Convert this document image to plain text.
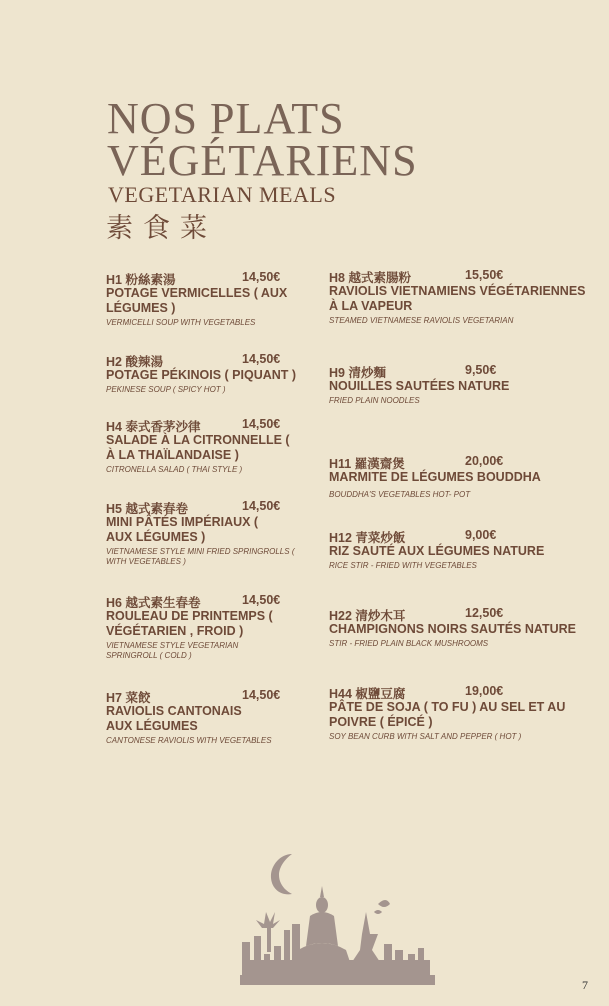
NOS PLATS
VÉGÉTARIENS
VEGETARIAN MEALS
素食菜
H1 粉絲素湯	14,50€
POTAGE VERMICELLES ( AUX LÉGUMES )
VERMICELLI SOUP WITH VEGETABLES
H2 酸辣湯	14,50€
POTAGE PÉKINOIS ( PIQUANT )
PEKINESE SOUP ( SPICY HOT )
H4 泰式香茅沙律	14,50€
SALADE À LA CITRONNELLE ( À LA THAÏLANDAISE )
CITRONELLA SALAD ( THAI STYLE )
H5 越式素春卷	14,50€
MINI PÂTÉS IMPÉRIAUX ( AUX LÉGUMES )
VIETNAMESE STYLE MINI FRIED SPRINGROLLS ( WITH VEGETABLES )
H6 越式素生春卷	14,50€
ROULEAU DE PRINTEMPS ( VÉGÉTARIEN , FROID )
VIETNAMESE STYLE VEGETARIAN SPRINGROLL ( COLD )
H7 菜餃	14,50€
RAVIOLIS CANTONAIS AUX LÉGUMES
CANTONESE RAVIOLIS WITH VEGETABLES
H8 越式素腸粉	15,50€
RAVIOLIS VIETNAMIENS VÉGÉTARIENNES À LA VAPEUR
STEAMED VIETNAMESE RAVIOLIS VEGETARIAN
H9 清炒麵	9,50€
NOUILLES SAUTÉES NATURE
FRIED PLAIN NOODLES
H11 羅漢齋煲	20,00€
MARMITE DE LÉGUMES BOUDDHA
BOUDDHA'S VEGETABLES HOT- POT
H12 青菜炒飯	9,00€
RIZ SAUTÉ AUX LÉGUMES NATURE
RICE STIR - FRIED WITH VEGETABLES
H22 清炒木耳	12,50€
CHAMPIGNONS NOIRS SAUTÉS NATURE
STIR - FRIED PLAIN BLACK MUSHROOMS
H44 椒鹽豆腐	19,00€
PÂTE DE SOJA ( TO FU ) AU SEL ET AU POIVRE ( ÉPICÉ )
SOY BEAN CURB WITH SALT AND PEPPER ( HOT )
7
